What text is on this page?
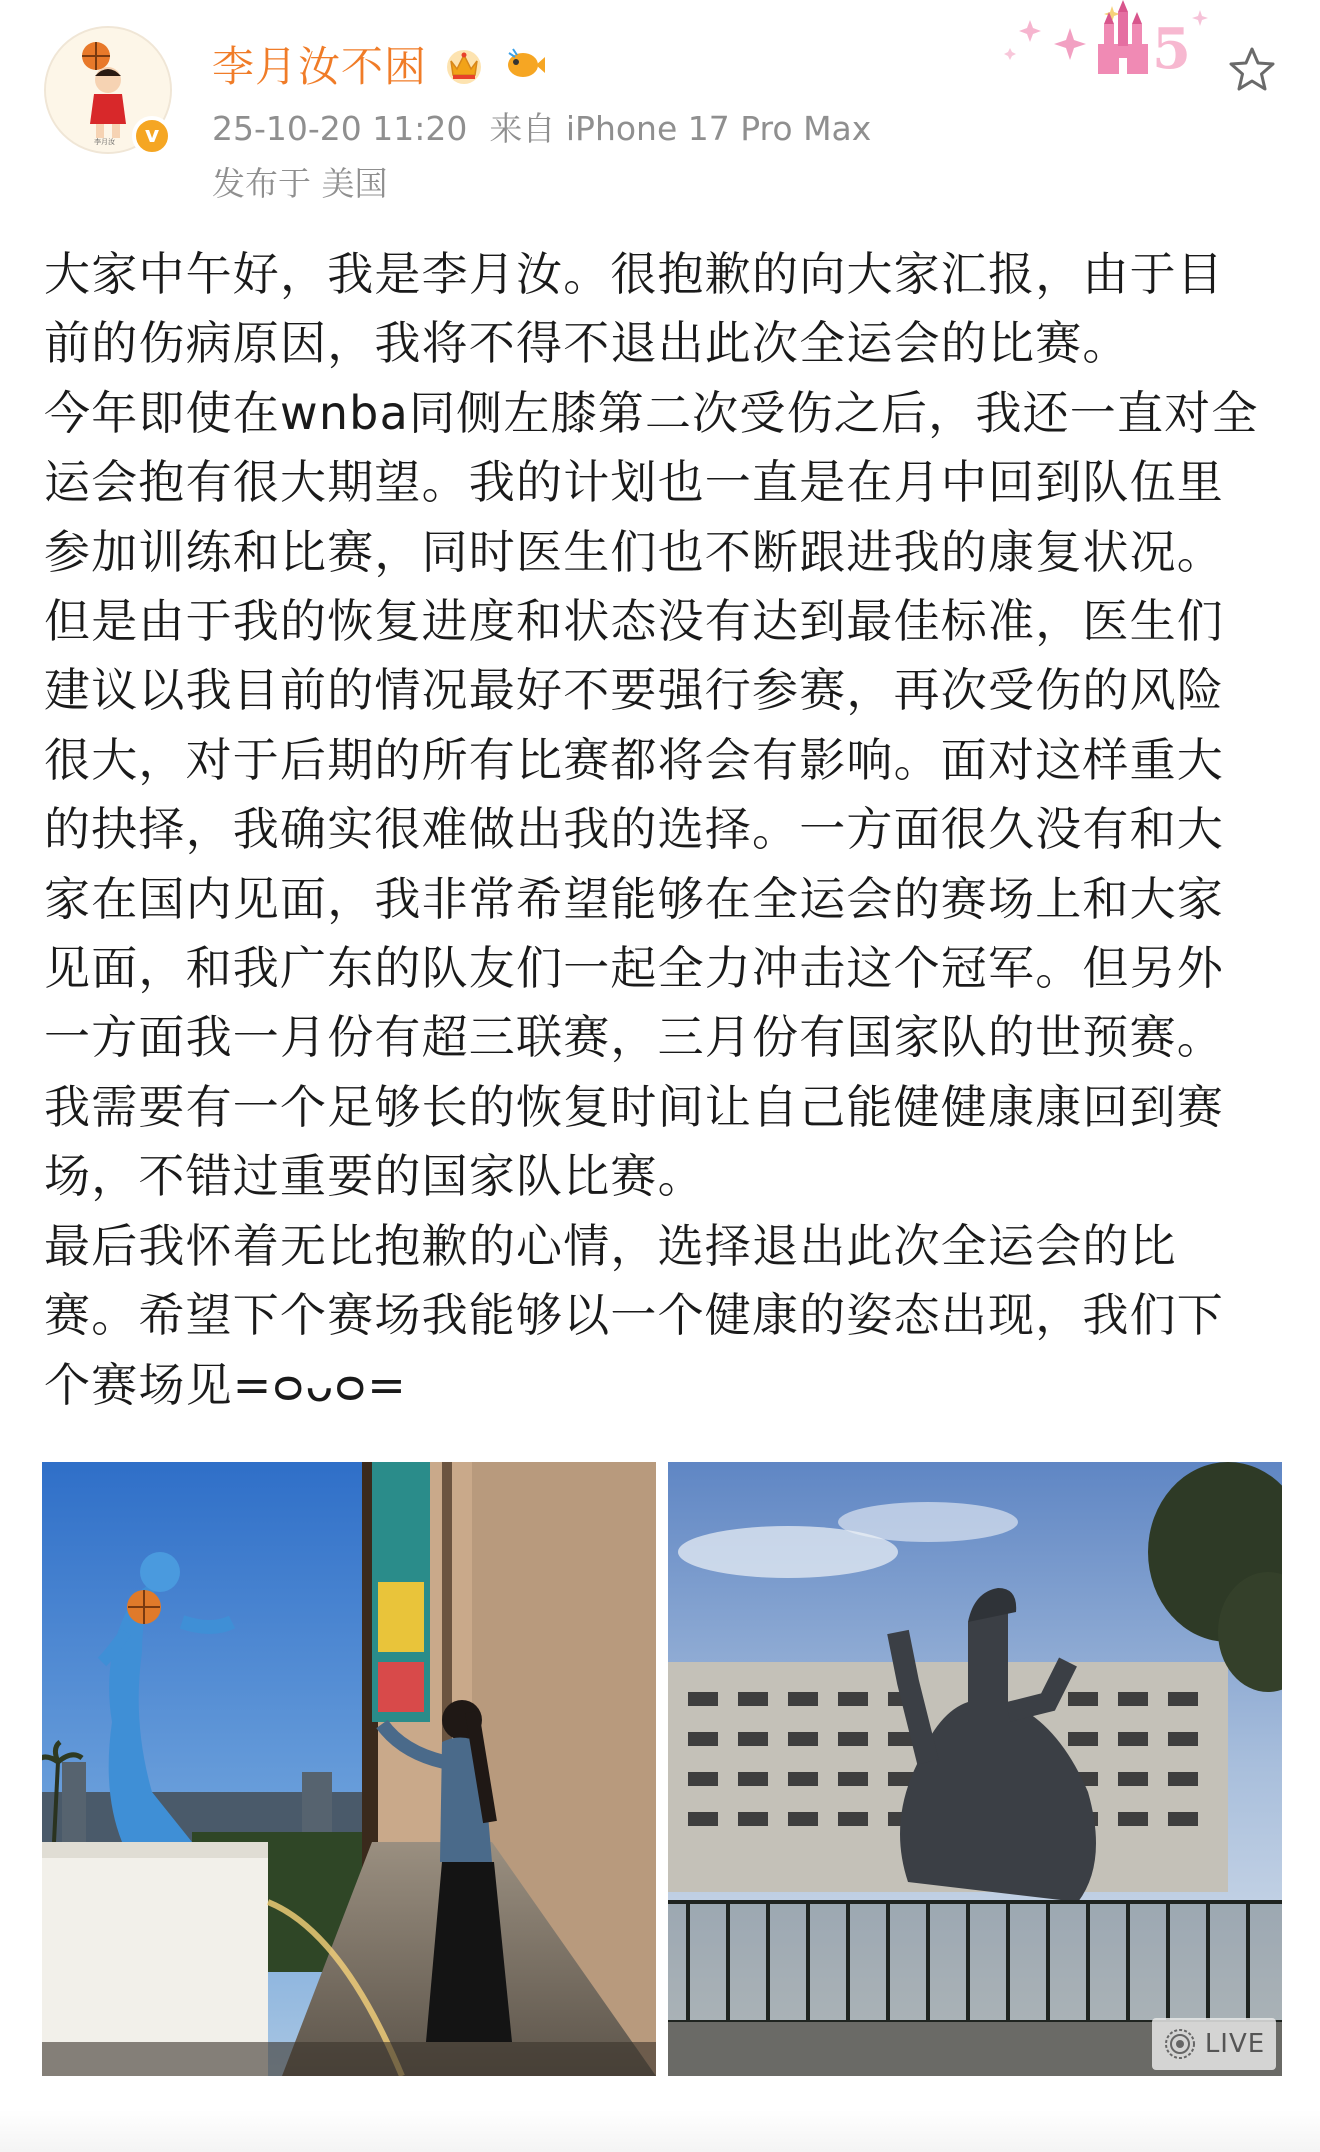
李月汝	v
李月汝不困
25-10-20 11:20 来自 iPhone 17 Pro Max
发布于 美国
5

大家中午好，我是李月汝。很抱歉的向大家汇报，由于目

前的伤病原因，我将不得不退出此次全运会的比赛。

今年即使在wnba同侧左膝第二次受伤之后，我还一直对全

运会抱有很大期望。我的计划也一直是在月中回到队伍里

参加训练和比赛，同时医生们也不断跟进我的康复状况。

但是由于我的恢复进度和状态没有达到最佳标准，医生们

建议以我目前的情况最好不要强行参赛，再次受伤的风险

很大，对于后期的所有比赛都将会有影响。面对这样重大

的抉择，我确实很难做出我的选择。一方面很久没有和大

家在国内见面，我非常希望能够在全运会的赛场上和大家

见面，和我广东的队友们一起全力冲击这个冠军。但另外

一方面我一月份有超三联赛，三月份有国家队的世预赛。

我需要有一个足够长的恢复时间让自己能健健康康回到赛

场，不错过重要的国家队比赛。

最后我怀着无比抱歉的心情，选择退出此次全运会的比

赛。希望下个赛场我能够以一个健康的姿态出现，我们下

个赛场见=ᴑᴗᴑ=

LIVE
